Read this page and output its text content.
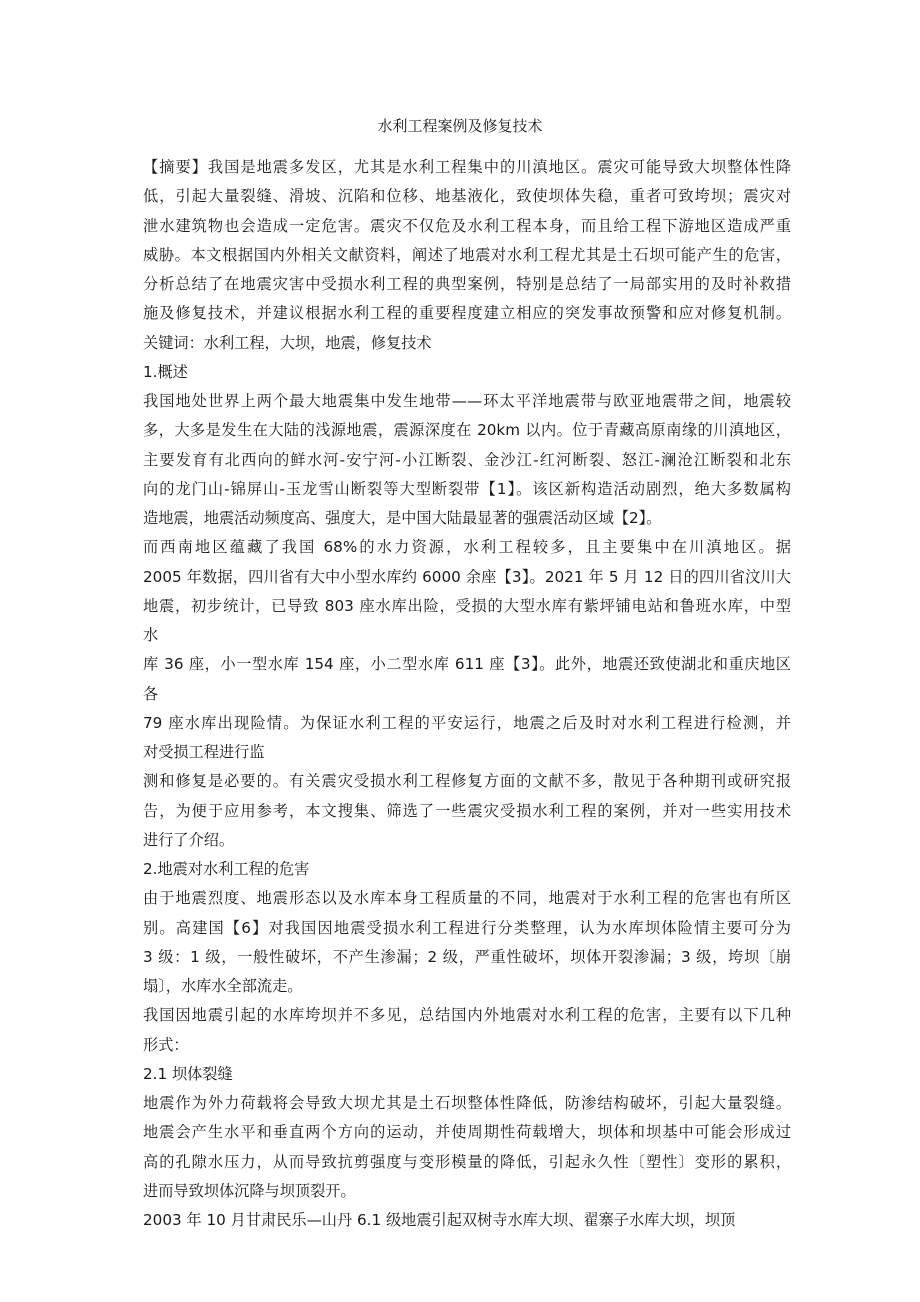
水利工程案例及修复技术
【摘要】我国是地震多发区，尤其是水利工程集中的川滇地区。震灾可能导致大坝整体性降
低，引起大量裂缝、滑坡、沉陷和位移、地基液化，致使坝体失稳，重者可致垮坝；震灾对
泄水建筑物也会造成一定危害。震灾不仅危及水利工程本身，而且给工程下游地区造成严重
威胁。本文根据国内外相关文献资料，阐述了地震对水利工程尤其是土石坝可能产生的危害，
分析总结了在地震灾害中受损水利工程的典型案例，特别是总结了一局部实用的及时补救措
施及修复技术，并建议根据水利工程的重要程度建立相应的突发事故预警和应对修复机制。
关键词：水利工程，大坝，地震，修复技术
1.概述
我国地处世界上两个最大地震集中发生地带——环太平洋地震带与欧亚地震带之间，地震较
多，大多是发生在大陆的浅源地震，震源深度在 20km 以内。位于青藏高原南缘的川滇地区，
主要发育有北西向的鲜水河-安宁河-小江断裂、金沙江-红河断裂、怒江-澜沧江断裂和北东
向的龙门山-锦屏山-玉龙雪山断裂等大型断裂带【1】。该区新构造活动剧烈，绝大多数属构
造地震，地震活动频度高、强度大，是中国大陆最显著的强震活动区域【2】。
而西南地区蕴藏了我国 68%的水力资源，水利工程较多，且主要集中在川滇地区。据
2005 年数据，四川省有大中小型水库约 6000 余座【3】。2021 年 5 月 12 日的四川省汶川大
地震，初步统计，已导致 803 座水库出险，受损的大型水库有紫坪铺电站和鲁班水库，中型
水
库 36 座，小一型水库 154 座，小二型水库 611 座【3】。此外，地震还致使湖北和重庆地区
各
79 座水库出现险情。为保证水利工程的平安运行，地震之后及时对水利工程进行检测，并
对受损工程进行监
测和修复是必要的。有关震灾受损水利工程修复方面的文献不多，散见于各种期刊或研究报
告，为便于应用参考，本文搜集、筛选了一些震灾受损水利工程的案例，并对一些实用技术
进行了介绍。
2.地震对水利工程的危害
由于地震烈度、地震形态以及水库本身工程质量的不同，地震对于水利工程的危害也有所区
别。高建国【6】对我国因地震受损水利工程进行分类整理，认为水库坝体险情主要可分为
3 级：1 级，一般性破坏，不产生渗漏；2 级，严重性破坏，坝体开裂渗漏；3 级，垮坝〔崩
塌〕，水库水全部流走。
我国因地震引起的水库垮坝并不多见，总结国内外地震对水利工程的危害，主要有以下几种
形式：
2.1 坝体裂缝
地震作为外力荷载将会导致大坝尤其是土石坝整体性降低，防渗结构破坏，引起大量裂缝。
地震会产生水平和垂直两个方向的运动，并使周期性荷载增大，坝体和坝基中可能会形成过
高的孔隙水压力，从而导致抗剪强度与变形模量的降低，引起永久性〔塑性〕变形的累积，
进而导致坝体沉降与坝顶裂开。
2003 年 10 月甘肃民乐—山丹 6.1 级地震引起双树寺水库大坝、翟寨子水库大坝，坝顶
